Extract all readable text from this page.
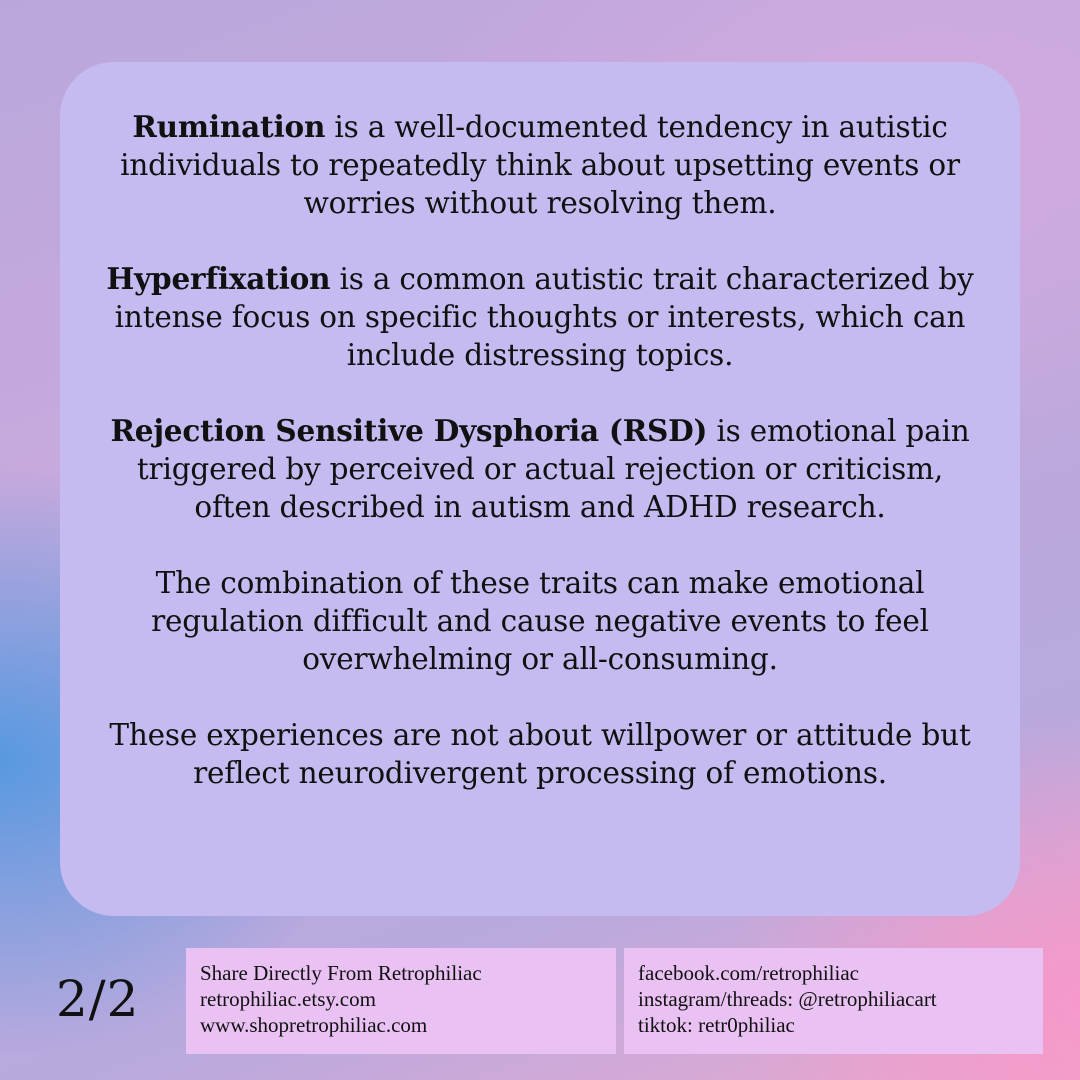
Rumination is a well-documented tendency in autistic individuals to repeatedly think about upsetting events or worries without resolving them.

Hyperfixation is a common autistic trait characterized by intense focus on specific thoughts or interests, which can include distressing topics.

Rejection Sensitive Dysphoria (RSD) is emotional pain triggered by perceived or actual rejection or criticism, often described in autism and ADHD research.

The combination of these traits can make emotional regulation difficult and cause negative events to feel overwhelming or all-consuming.

These experiences are not about willpower or attitude but reflect neurodivergent processing of emotions.

2/2	Share Directly From Retrophiliac
retrophiliac.etsy.com
www.shopretrophiliac.com
facebook.com/retrophiliac
instagram/threads: @retrophiliacart
tiktok: retr0philiac
